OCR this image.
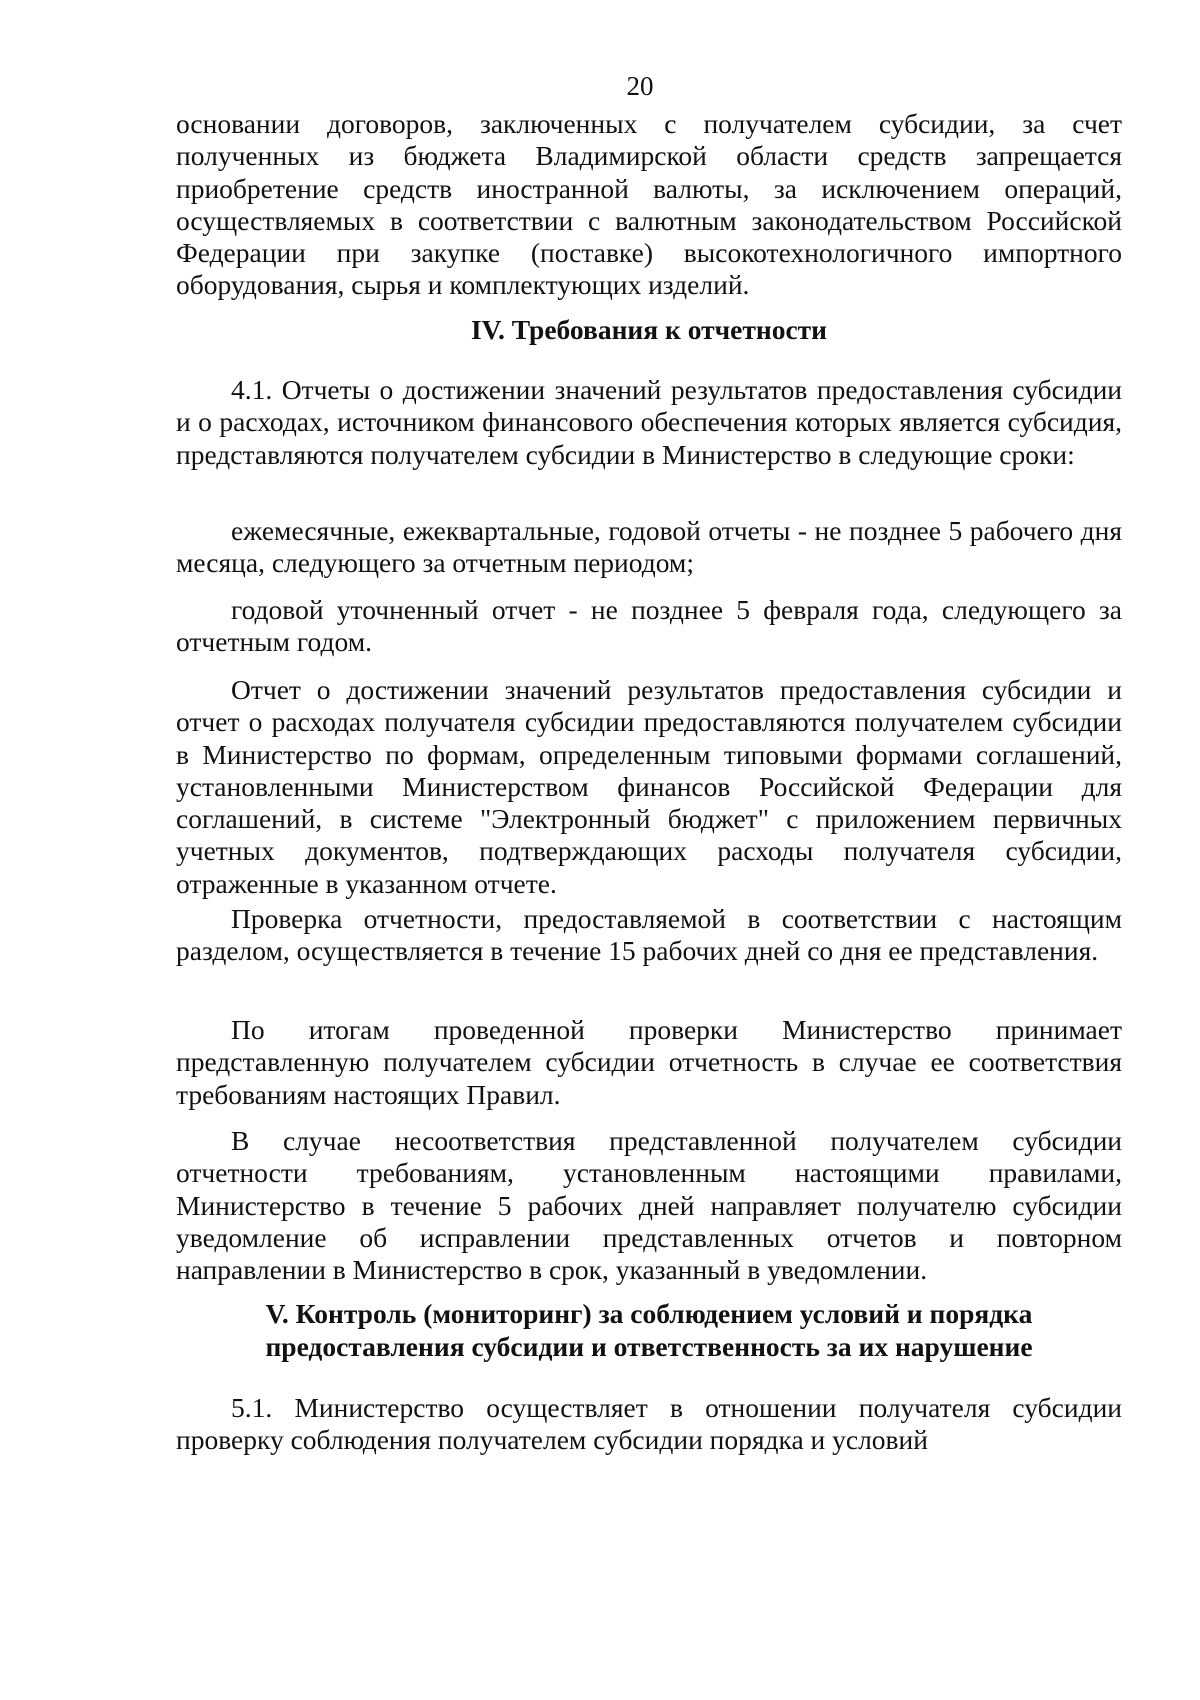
20

основании договоров, заключенных с получателем субсидии, за счет полученных из бюджета Владимирской области средств запрещается приобретение средств иностранной валюты, за исключением операций, осуществляемых в соответствии с валютным законодательством Российской Федерации при закупке (поставке) высокотехнологичного импортного оборудования, сырья и комплектующих изделий.

IV. Требования к отчетности

4.1. Отчеты о достижении значений результатов предоставления субсидии и о расходах, источником финансового обеспечения которых является субсидия, представляются получателем субсидии в Министерство в следующие сроки:

ежемесячные, ежеквартальные, годовой отчеты - не позднее 5 рабочего дня месяца, следующего за отчетным периодом;

годовой уточненный отчет - не позднее 5 февраля года, следующего за отчетным годом.

Отчет о достижении значений результатов предоставления субсидии и отчет о расходах получателя субсидии предоставляются получателем субсидии в Министерство по формам, определенным типовыми формами соглашений, установленными Министерством финансов Российской Федерации для соглашений, в системе "Электронный бюджет" с приложением первичных учетных документов, подтверждающих расходы получателя субсидии, отраженные в указанном отчете.

Проверка отчетности, предоставляемой в соответствии с настоящим разделом, осуществляется в течение 15 рабочих дней со дня ее представления.

По итогам проведенной проверки Министерство принимает представленную получателем субсидии отчетность в случае ее соответствия требованиям настоящих Правил.

В случае несоответствия представленной получателем субсидии отчетности требованиям, установленным настоящими правилами, Министерство в течение 5 рабочих дней направляет получателю субсидии уведомление об исправлении представленных отчетов и повторном направлении в Министерство в срок, указанный в уведомлении.

V. Контроль (мониторинг) за соблюдением условий и порядка
предоставления субсидии и ответственность за их нарушение

5.1. Министерство осуществляет в отношении получателя субсидии проверку соблюдения получателем субсидии порядка и условий
